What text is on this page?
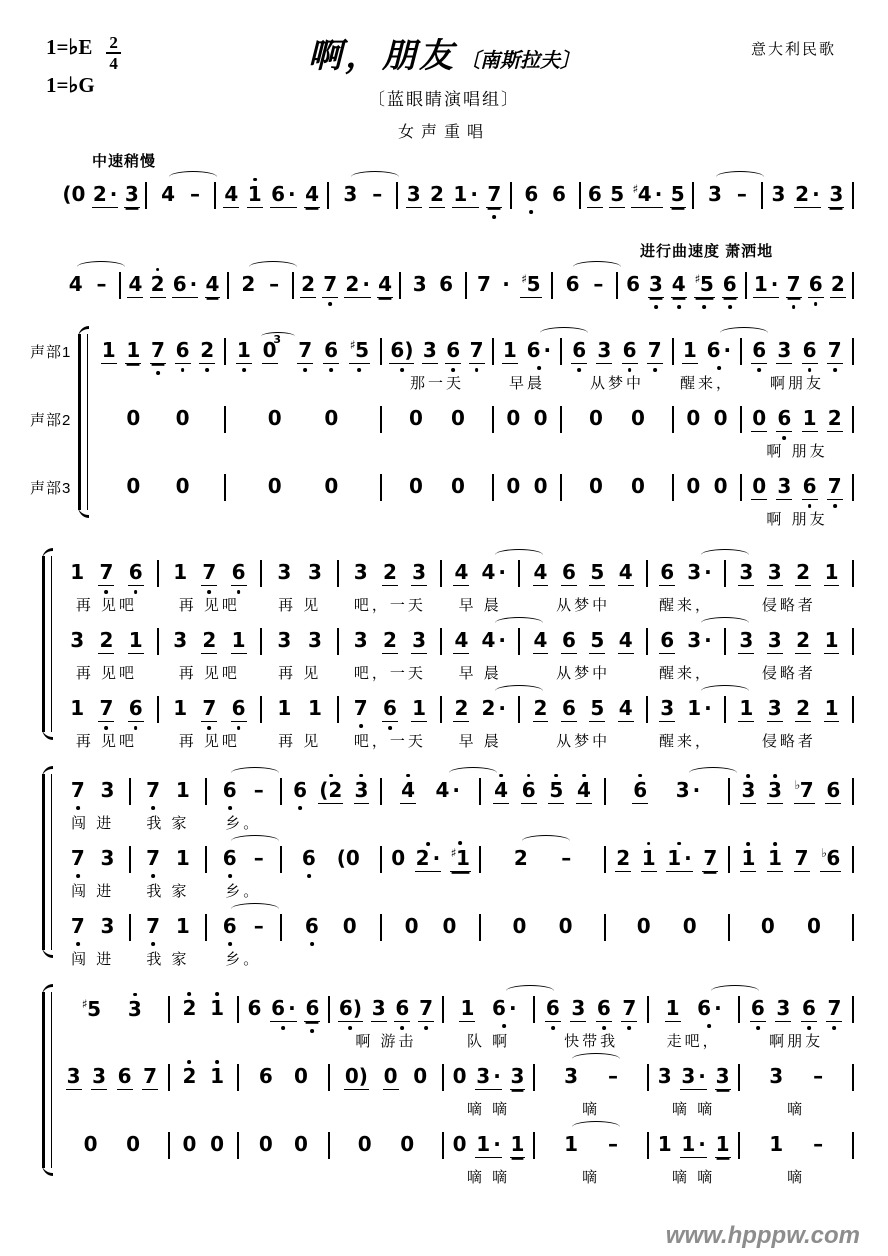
1=♭E $\frac{2}{4}$
1=♭G
啊，朋友 〔南斯拉夫〕
〔蓝眼睛演唱组〕
女声重唱
意大利民歌
中速稍慢
(0 2 · 3 4 – 4 1 6 · 4 3 – 3 2 1 · 7 6 6 6 5 ♯4 · 5 3 – 3 2 · 3
进行曲速度 萧洒地
4 – 4 2 6 · 4 2 – 2 7 2 · 4 3 6 7 · ♯5 6 – 6 3 4 ♯5 6 1 · 7 6 2
声部1	1 1 7 6 2 1 0
3 7 6 ♯5 6) 3 6 7 1 6 · 6 3 6 7 1 6 · 6 3 6 7
那一天	早晨	从梦中	醒来，	啊朋友
声部2	0 0	0 0	0 0 0 0 0 0 0 0 0 6 1 2
啊 朋友
声部3	0 0	0 0	0 0 0 0 0 0 0 0 0 3 6 7
啊 朋友
1 7 6 1 7 6 3 3 3 2 3 4 4 · 4 6 5 4 6 3 · 3 3 2 1
再 见吧	再 见吧	再 见	吧，一天	早 晨	从梦中	醒来，	侵略者
3 2 1 3 2 1 3 3 3 2 3 4 4 · 4 6 5 4 6 3 · 3 3 2 1
再 见吧	再 见吧	再 见	吧，一天	早 晨	从梦中	醒来，	侵略者
1 7 6 1 7 6 1 1 7 6 1 2 2 · 2 6 5 4 3 1 · 1 3 2 1
再 见吧	再 见吧	再 见	吧，一天	早 晨	从梦中	醒来，	侵略者
7 3 7 1 6 – 6 (2 3 4 4 · 4 6 5 4 6 3 · 3 3 ♭7 6
闯 进	我 家	乡。
7 3 7 1 6 – 6 (0 0 2 · ♯1 2 – 2 1 1 · 7 1 1 7 ♭6
闯 进	我 家	乡。
7 3 7 1 6 – 6 0 0 0	0 0	0 0	0 0
闯 进	我 家	乡。
♯5 3 2 1 6 6 · 6 6) 3 6 7 1 6 · 6 3 6 7 1 6 · 6 3 6 7
啊 游击	队 啊	快带我	走吧，	啊朋友
3 3 6 7 2 1 6 0 0) 0 0 0 3 · 3 3 – 3 3 · 3 3 –
嘀 嘀	嘀	嘀 嘀	嘀
0 0 0 0 0 0 0 0 0 1 · 1 1 – 1 1 · 1 1 –
嘀 嘀	嘀	嘀 嘀	嘀
www.hpppw.com
